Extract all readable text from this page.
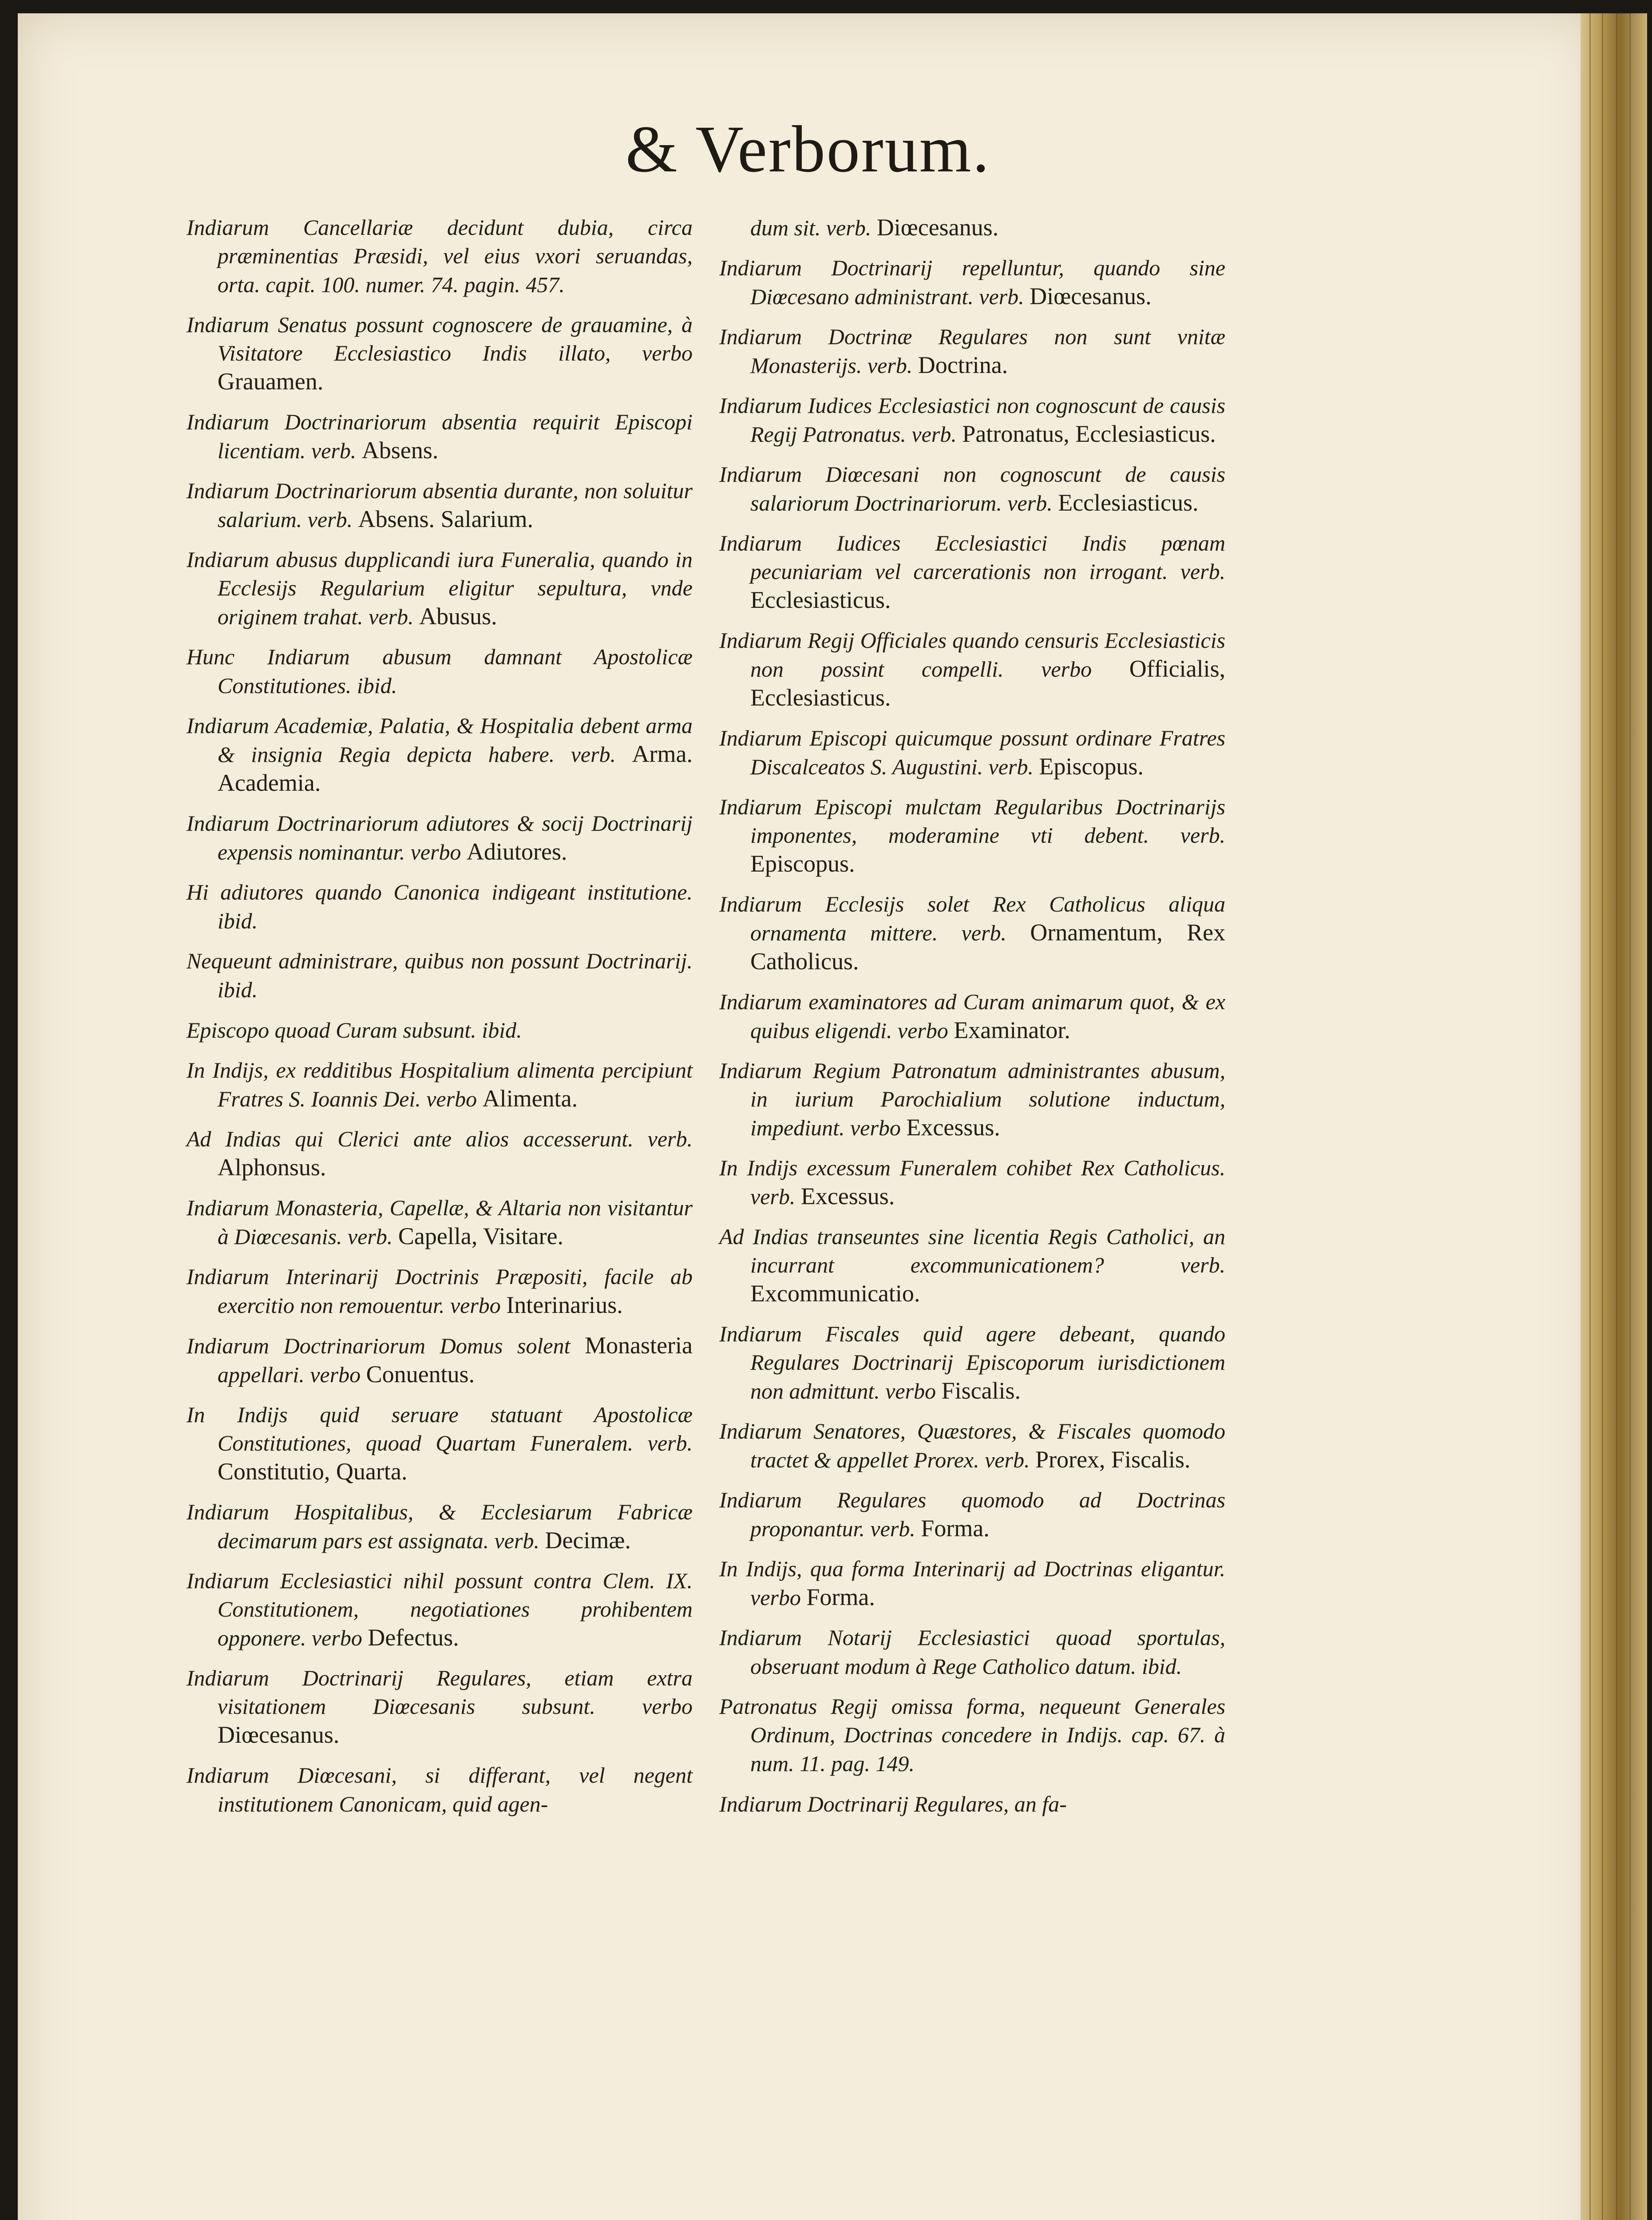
& Verborum.
Indiarum Cancellariæ decidunt dubia, circa præminentias Præsidi, vel eius vxori seruandas, orta. capit. 100. numer. 74. pagin. 457.
Indiarum Senatus possunt cognoscere de grauamine, à Visitatore Ecclesiastico Indis illato, verbo Grauamen.
Indiarum Doctrinariorum absentia requirit Episcopi licentiam. verb. Absens.
Indiarum Doctrinariorum absentia durante, non soluitur salarium. verb. Absens. Salarium.
Indiarum abusus dupplicandi iura Funeralia, quando in Ecclesijs Regularium eligitur sepultura, vnde originem trahat. verb. Abusus.
Hunc Indiarum abusum damnant Apostolicæ Constitutiones. ibid.
Indiarum Academiæ, Palatia, & Hospitalia debent arma & insignia Regia depicta habere. verb. Arma. Academia.
Indiarum Doctrinariorum adiutores & socij Doctrinarij expensis nominantur. verbo Adiutores.
Hi adiutores quando Canonica indigeant institutione. ibid.
Nequeunt administrare, quibus non possunt Doctrinarij. ibid.
Episcopo quoad Curam subsunt. ibid.
In Indijs, ex redditibus Hospitalium alimenta percipiunt Fratres S. Ioannis Dei. verbo Alimenta.
Ad Indias qui Clerici ante alios accesserunt. verb. Alphonsus.
Indiarum Monasteria, Capellæ, & Altaria non visitantur à Diœcesanis. verb. Capella, Visitare.
Indiarum Interinarij Doctrinis Præpositi, facile ab exercitio non remouentur. verbo Interinarius.
Indiarum Doctrinariorum Domus solent Monasteria appellari. verbo Conuentus.
In Indijs quid seruare statuant Apostolicæ Constitutiones, quoad Quartam Funeralem. verb. Constitutio, Quarta.
Indiarum Hospitalibus, & Ecclesiarum Fabricæ decimarum pars est assignata. verb. Decimæ.
Indiarum Ecclesiastici nihil possunt contra Clem. IX. Constitutionem, negotiationes prohibentem opponere. verbo Defectus.
Indiarum Doctrinarij Regulares, etiam extra visitationem Diœcesanis subsunt. verbo Diœcesanus.
Indiarum Diœcesani, si differant, vel negent institutionem Canonicam, quid agen-
dum sit. verb. Diœcesanus.
Indiarum Doctrinarij repelluntur, quando sine Diœcesano administrant. verb. Diœcesanus.
Indiarum Doctrinæ Regulares non sunt vnitæ Monasterijs. verb. Doctrina.
Indiarum Iudices Ecclesiastici non cognoscunt de causis Regij Patronatus. verb. Patronatus, Ecclesiasticus.
Indiarum Diœcesani non cognoscunt de causis salariorum Doctrinariorum. verb. Ecclesiasticus.
Indiarum Iudices Ecclesiastici Indis pœnam pecuniariam vel carcerationis non irrogant. verb. Ecclesiasticus.
Indiarum Regij Officiales quando censuris Ecclesiasticis non possint compelli. verbo Officialis, Ecclesiasticus.
Indiarum Episcopi quicumque possunt ordinare Fratres Discalceatos S. Augustini. verb. Episcopus.
Indiarum Episcopi mulctam Regularibus Doctrinarijs imponentes, moderamine vti debent. verb. Episcopus.
Indiarum Ecclesijs solet Rex Catholicus aliqua ornamenta mittere. verb. Ornamentum, Rex Catholicus.
Indiarum examinatores ad Curam animarum quot, & ex quibus eligendi. verbo Examinator.
Indiarum Regium Patronatum administrantes abusum, in iurium Parochialium solutione inductum, impediunt. verbo Excessus.
In Indijs excessum Funeralem cohibet Rex Catholicus. verb. Excessus.
Ad Indias transeuntes sine licentia Regis Catholici, an incurrant excommunicationem? verb. Excommunicatio.
Indiarum Fiscales quid agere debeant, quando Regulares Doctrinarij Episcoporum iurisdictionem non admittunt. verbo Fiscalis.
Indiarum Senatores, Quæstores, & Fiscales quomodo tractet & appellet Prorex. verb. Prorex, Fiscalis.
Indiarum Regulares quomodo ad Doctrinas proponantur. verb. Forma.
In Indijs, qua forma Interinarij ad Doctrinas eligantur. verbo Forma.
Indiarum Notarij Ecclesiastici quoad sportulas, obseruant modum à Rege Catholico datum. ibid.
Patronatus Regij omissa forma, nequeunt Generales Ordinum, Doctrinas concedere in Indijs. cap. 67. à num. 11. pag. 149.
Indiarum Doctrinarij Regulares, an fa-
